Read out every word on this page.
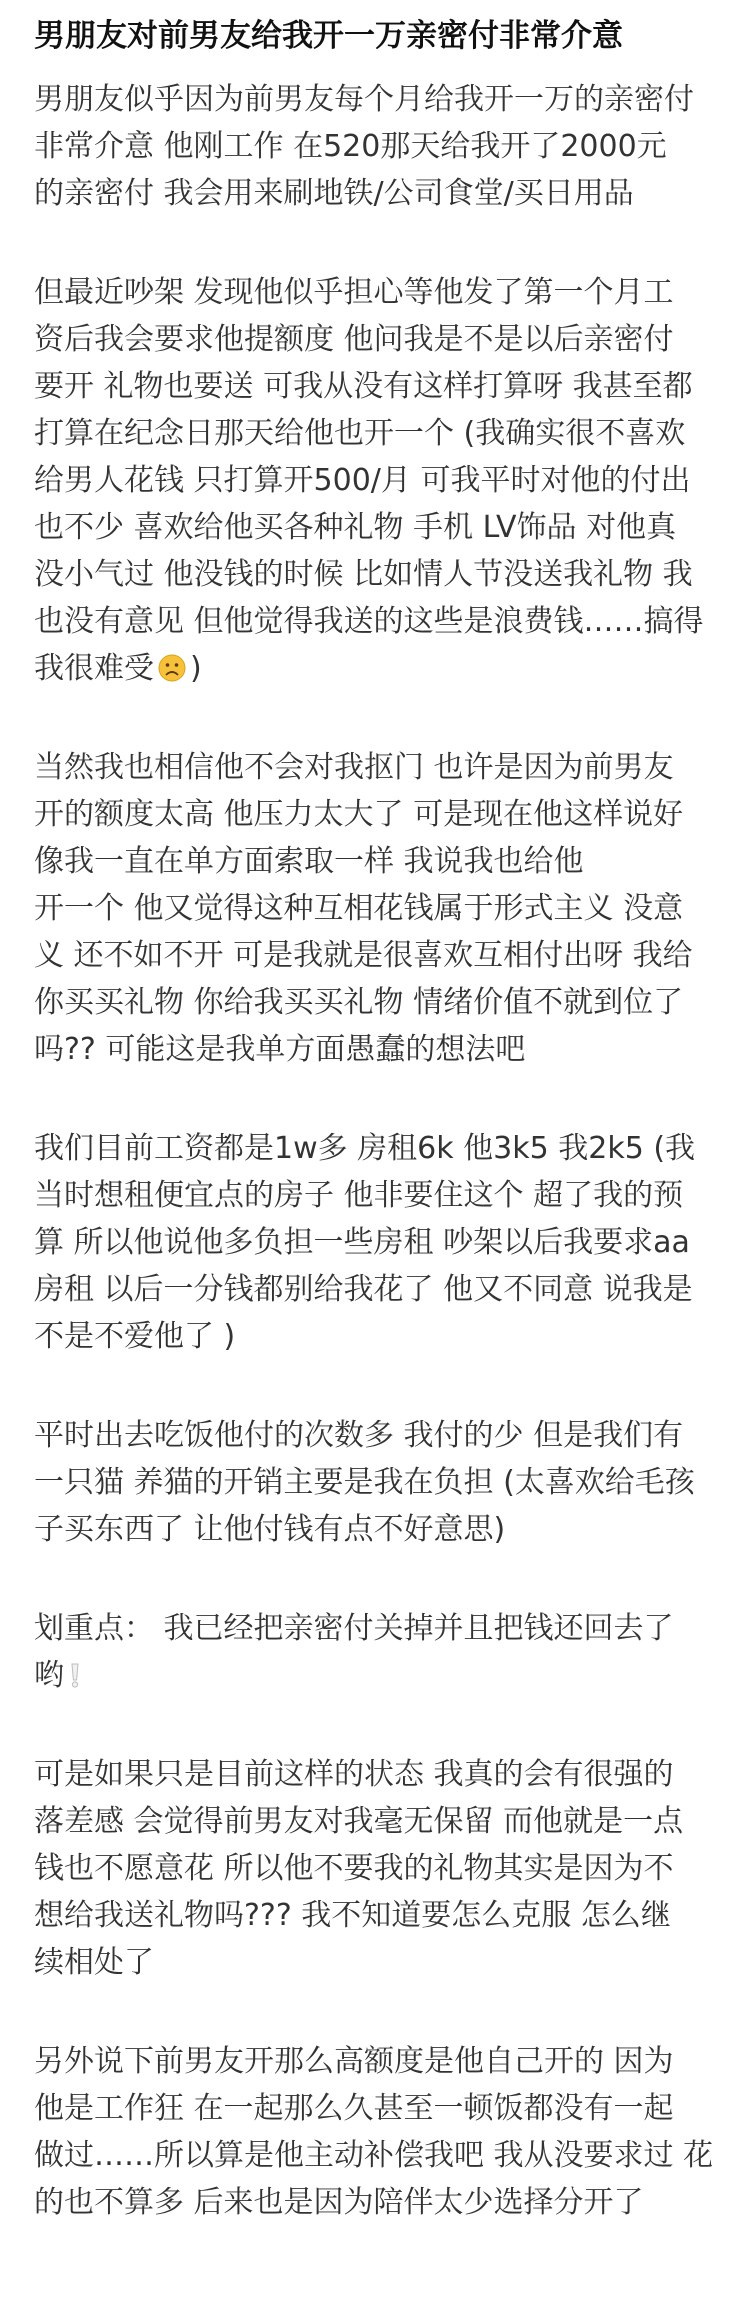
男朋友对前男友给我开一万亲密付非常介意
男朋友似乎因为前男友每个月给我开一万的亲密付
非常介意 他刚工作 在520那天给我开了2000元
的亲密付 我会用来刷地铁/公司食堂/买日用品
但最近吵架 发现他似乎担心等他发了第一个月工
资后我会要求他提额度 他问我是不是以后亲密付
要开 礼物也要送 可我从没有这样打算呀 我甚至都
打算在纪念日那天给他也开一个 (我确实很不喜欢
给男人花钱 只打算开500/月 可我平时对他的付出
也不少 喜欢给他买各种礼物 手机 LV饰品 对他真
没小气过 他没钱的时候 比如情人节没送我礼物 我
也没有意见 但他觉得我送的这些是浪费钱……搞得
我很难受 )
当然我也相信他不会对我抠门 也许是因为前男友
开的额度太高 他压力太大了 可是现在他这样说好
像我一直在单方面索取一样 我说我也给他
开一个 他又觉得这种互相花钱属于形式主义 没意
义 还不如不开 可是我就是很喜欢互相付出呀 我给
你买买礼物 你给我买买礼物 情绪价值不就到位了
吗?? 可能这是我单方面愚蠢的想法吧
我们目前工资都是1w多 房租6k 他3k5 我2k5 (我
当时想租便宜点的房子 他非要住这个 超了我的预
算 所以他说他多负担一些房租 吵架以后我要求aa
房租 以后一分钱都别给我花了 他又不同意 说我是
不是不爱他了 )
平时出去吃饭他付的次数多 我付的少 但是我们有
一只猫 养猫的开销主要是我在负担 (太喜欢给毛孩
子买东西了 让他付钱有点不好意思)
划重点： 我已经把亲密付关掉并且把钱还回去了
哟
可是如果只是目前这样的状态 我真的会有很强的
落差感 会觉得前男友对我毫无保留 而他就是一点
钱也不愿意花 所以他不要我的礼物其实是因为不
想给我送礼物吗??? 我不知道要怎么克服 怎么继
续相处了
另外说下前男友开那么高额度是他自己开的 因为
他是工作狂 在一起那么久甚至一顿饭都没有一起
做过……所以算是他主动补偿我吧 我从没要求过 花
的也不算多 后来也是因为陪伴太少选择分开了
